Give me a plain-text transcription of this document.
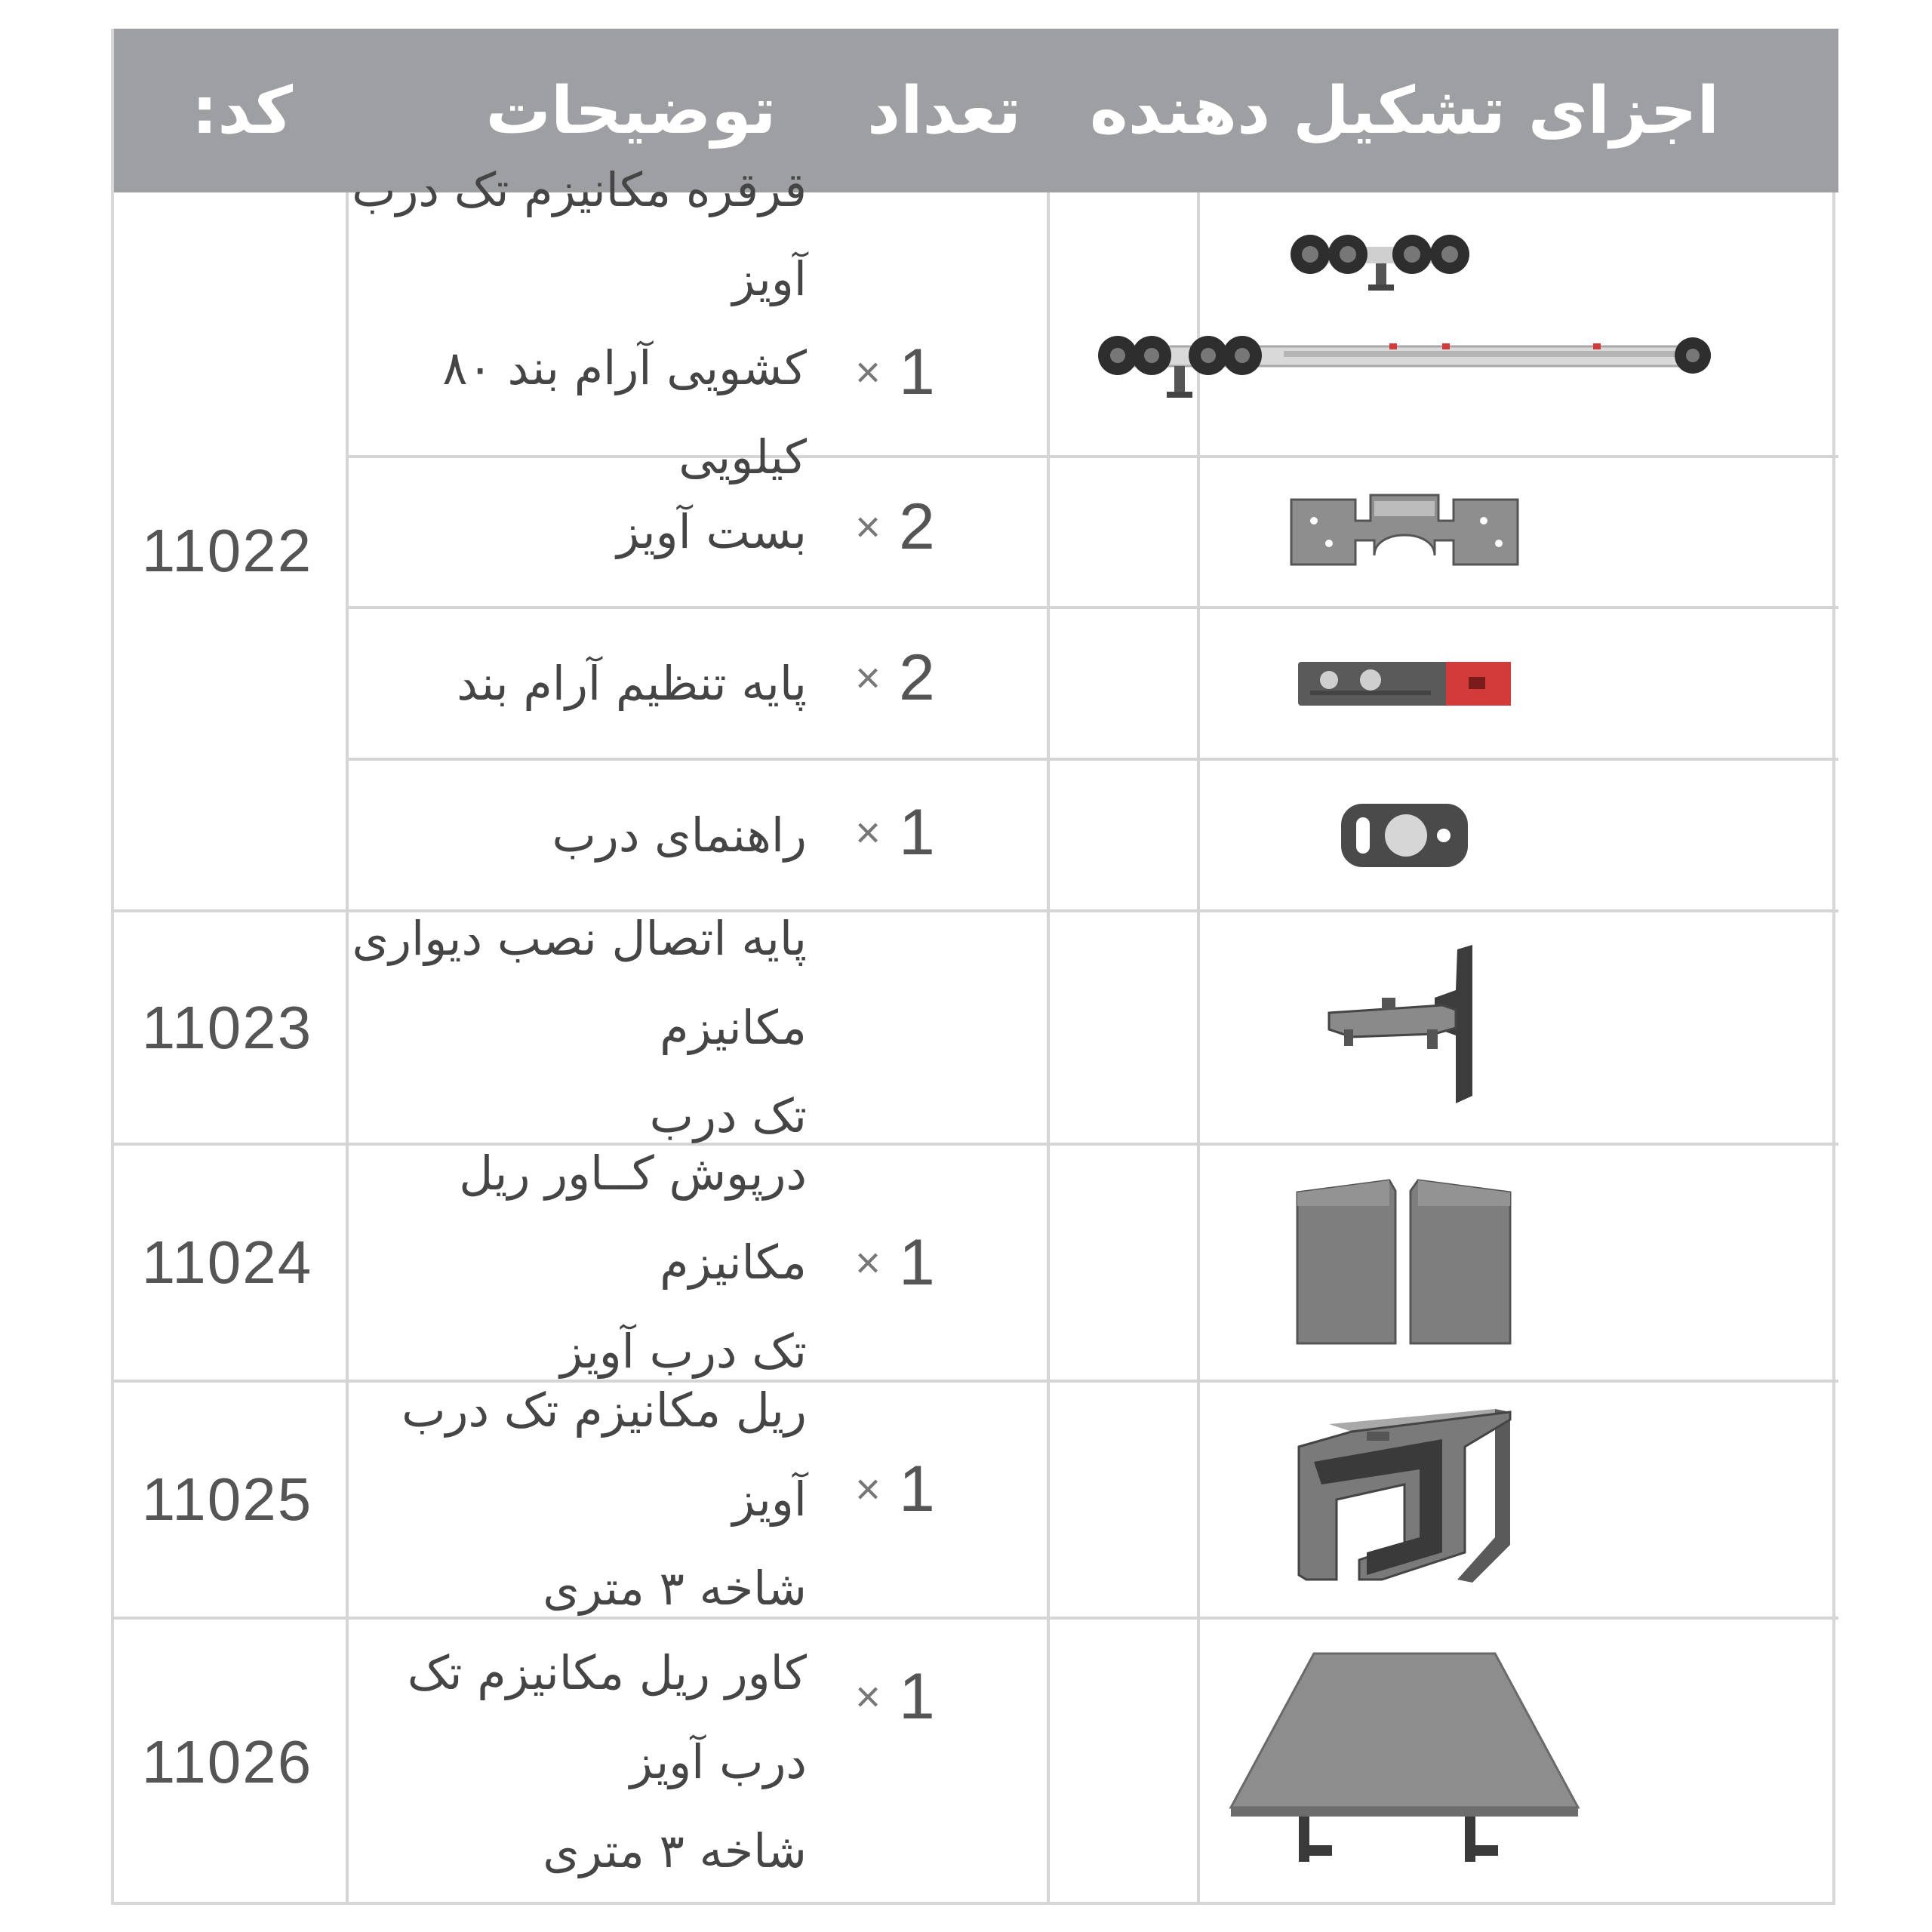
اجزای تشکیل دهنده
تعداد
توضیحات
کد:
11022
11023
11024
11025
11026
قرقره مکانیزم تک درب آویز
کشویی آرام بند ۸۰ کیلویی
بست آویز
پایه تنظیم آرام بند
راهنمای درب
پایه اتصال نصب دیواری مکانیزم
تک درب
درپوش کــاور ریل مکانیزم
تک درب آویز
ریل مکانیزم تک درب آویز
شاخه ۳ متری
کاور ریل مکانیزم تک درب آویز
شاخه ۳ متری
× 1
× 2
× 2
× 1
× 1
× 1
× 1
